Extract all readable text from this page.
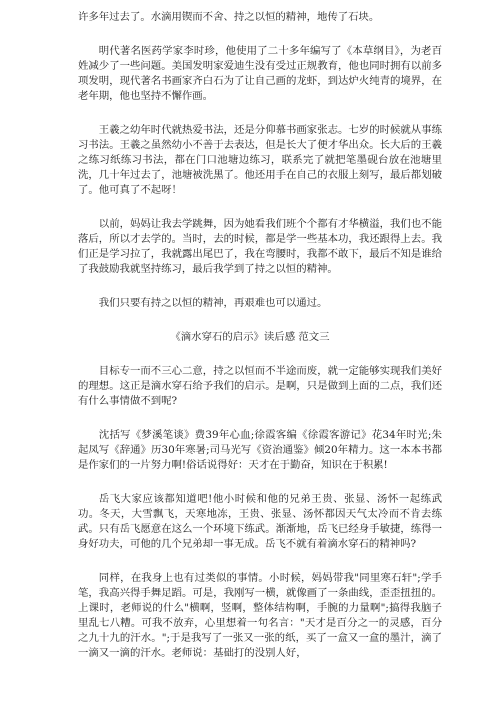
许多年过去了。水滴用锲而不舍、持之以恒的精神，地传了石块。

明代著名医药学家李时珍，他使用了二十多年编写了《本草纲目》，为老百姓减少了一些问题。美国发明家爱迪生没有受过正规教育，他也同时拥有以前多项发明，现代著名书画家齐白石为了让自己画的龙虾，到达炉火纯青的境界，在老年期，他也坚持不懈作画。

王羲之幼年时代就热爱书法，还是分仰慕书画家张志。七岁的时候就从事练习书法。王羲之虽然幼小不善于去表达，但是长大了便才华出众。长大后的王羲之练习纸练习书法，都在门口池塘边练习，联系完了就把笔墨砚台放在池塘里洗，几十年过去了，池塘被洗黑了。他还用手在自己的衣服上刻写，最后都划破了。他可真了不起呀！

以前，妈妈让我去学跳舞，因为她看我们班个个都有才华横溢，我们也不能落后，所以才去学的。当时，去的时候，都是学一些基本功，我还跟得上去。我们正是学习拉了，我就露出尾巴了，我在弯腰时，我都不敢下，最后不知是谁给了我鼓励我就坚持练习，最后我学到了持之以恒的精神。

我们只要有持之以恒的精神，再艰难也可以通过。

《滴水穿石的启示》读后感 范文三

目标专一而不三心二意，持之以恒而不半途而废，就一定能够实现我们美好的理想。这正是滴水穿石给予我们的启示。是啊，只是做到上面的二点，我们还有什么事情做不到呢?

沈括写《梦溪笔谈》费39年心血;徐霞客编《徐霞客游记》花34年时光;朱起凤写《辞通》历30年寒暑;司马光写《资治通鉴》倾20年精力。这一本本书都是作家们的一片努力啊!俗话说得好：天才在于勤奋，知识在于积累!

岳飞大家应该都知道吧!他小时候和他的兄弟王贵、张显、汤怀一起练武功。冬天，大雪飘飞，天寒地冻，王贵、张显、汤怀都因天气太冷而不肯去练武。只有岳飞愿意在这么一个环境下练武。渐渐地，岳飞已经身手敏捷，练得一身好功夫，可他的几个兄弟却一事无成。岳飞不就有着滴水穿石的精神吗?

同样，在我身上也有过类似的事情。小时候，妈妈带我"同里寒石轩";学手笔，我高兴得手舞足蹈。可是，我刚写一横，就像画了一条曲线，歪歪扭扭的。上课时，老师说的什么"横啊，竖啊，整体结构啊，手腕的力量啊";搞得我脑子里乱七八糟。可我不放弃，心里想着一句名言："天才是百分之一的灵感，百分之九十九的汗水。";于是我写了一张又一张的纸，买了一盒又一盒的墨汁，滴了一滴又一滴的汗水。老师说：基础打的没别人好，
